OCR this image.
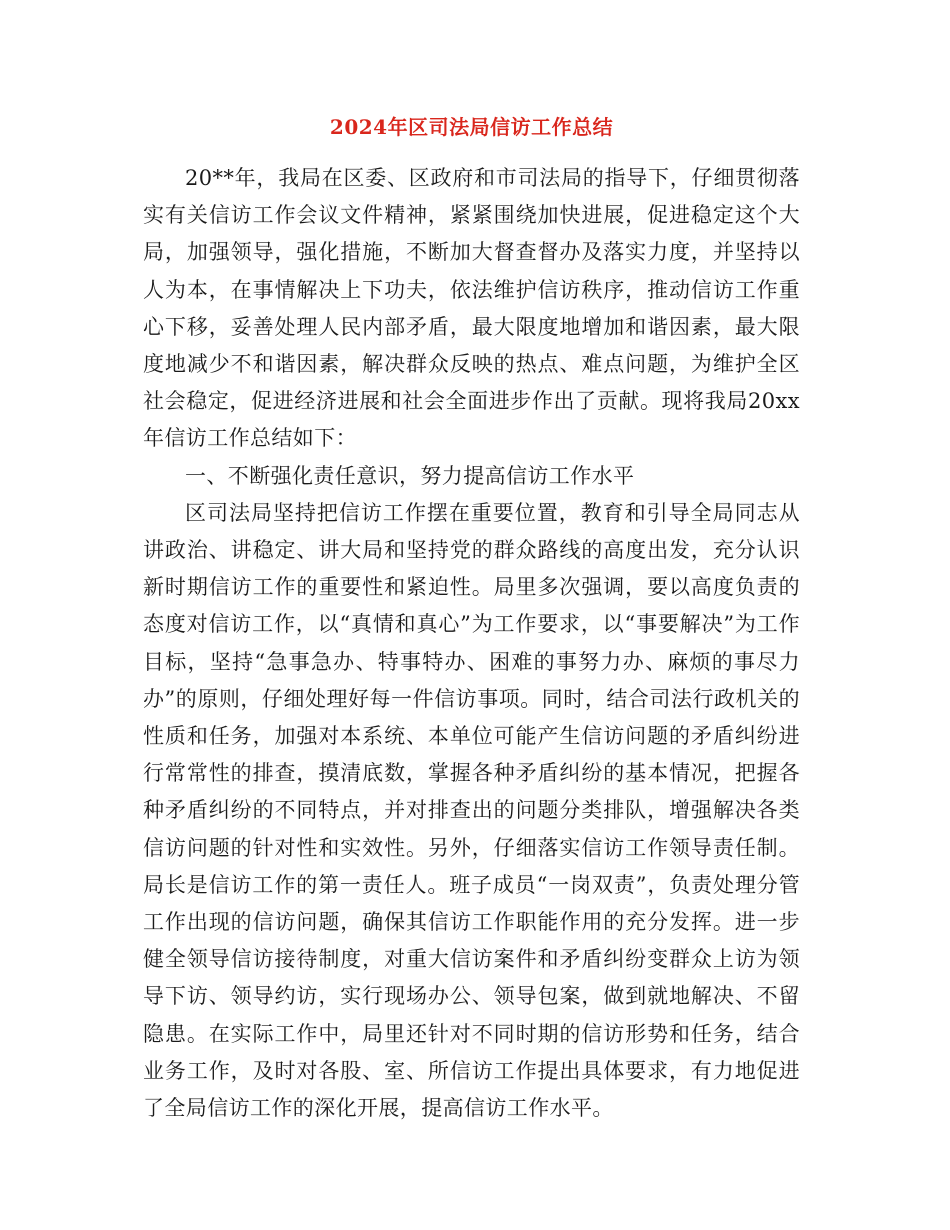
2024年区司法局信访工作总结

20**年，我局在区委、区政府和市司法局的指导下，仔细贯彻落实有关信访工作会议文件精神，紧紧围绕加快进展，促进稳定这个大局，加强领导，强化措施，不断加大督查督办及落实力度，并坚持以人为本，在事情解决上下功夫，依法维护信访秩序，推动信访工作重心下移，妥善处理人民内部矛盾，最大限度地增加和谐因素，最大限度地减少不和谐因素，解决群众反映的热点、难点问题，为维护全区社会稳定，促进经济进展和社会全面进步作出了贡献。现将我局20xx年信访工作总结如下：

一、不断强化责任意识，努力提高信访工作水平

区司法局坚持把信访工作摆在重要位置，教育和引导全局同志从讲政治、讲稳定、讲大局和坚持党的群众路线的高度出发，充分认识新时期信访工作的重要性和紧迫性。局里多次强调，要以高度负责的态度对信访工作，以“真情和真心”为工作要求，以“事要解决”为工作目标，坚持“急事急办、特事特办、困难的事努力办、麻烦的事尽力办”的原则，仔细处理好每一件信访事项。同时，结合司法行政机关的性质和任务，加强对本系统、本单位可能产生信访问题的矛盾纠纷进行常常性的排查，摸清底数，掌握各种矛盾纠纷的基本情况，把握各种矛盾纠纷的不同特点，并对排查出的问题分类排队，增强解决各类信访问题的针对性和实效性。另外，仔细落实信访工作领导责任制。局长是信访工作的第一责任人。班子成员“一岗双责”，负责处理分管工作出现的信访问题，确保其信访工作职能作用的充分发挥。进一步健全领导信访接待制度，对重大信访案件和矛盾纠纷变群众上访为领导下访、领导约访，实行现场办公、领导包案，做到就地解决、不留隐患。在实际工作中，局里还针对不同时期的信访形势和任务，结合业务工作，及时对各股、室、所信访工作提出具体要求，有力地促进了全局信访工作的深化开展，提高信访工作水平。
